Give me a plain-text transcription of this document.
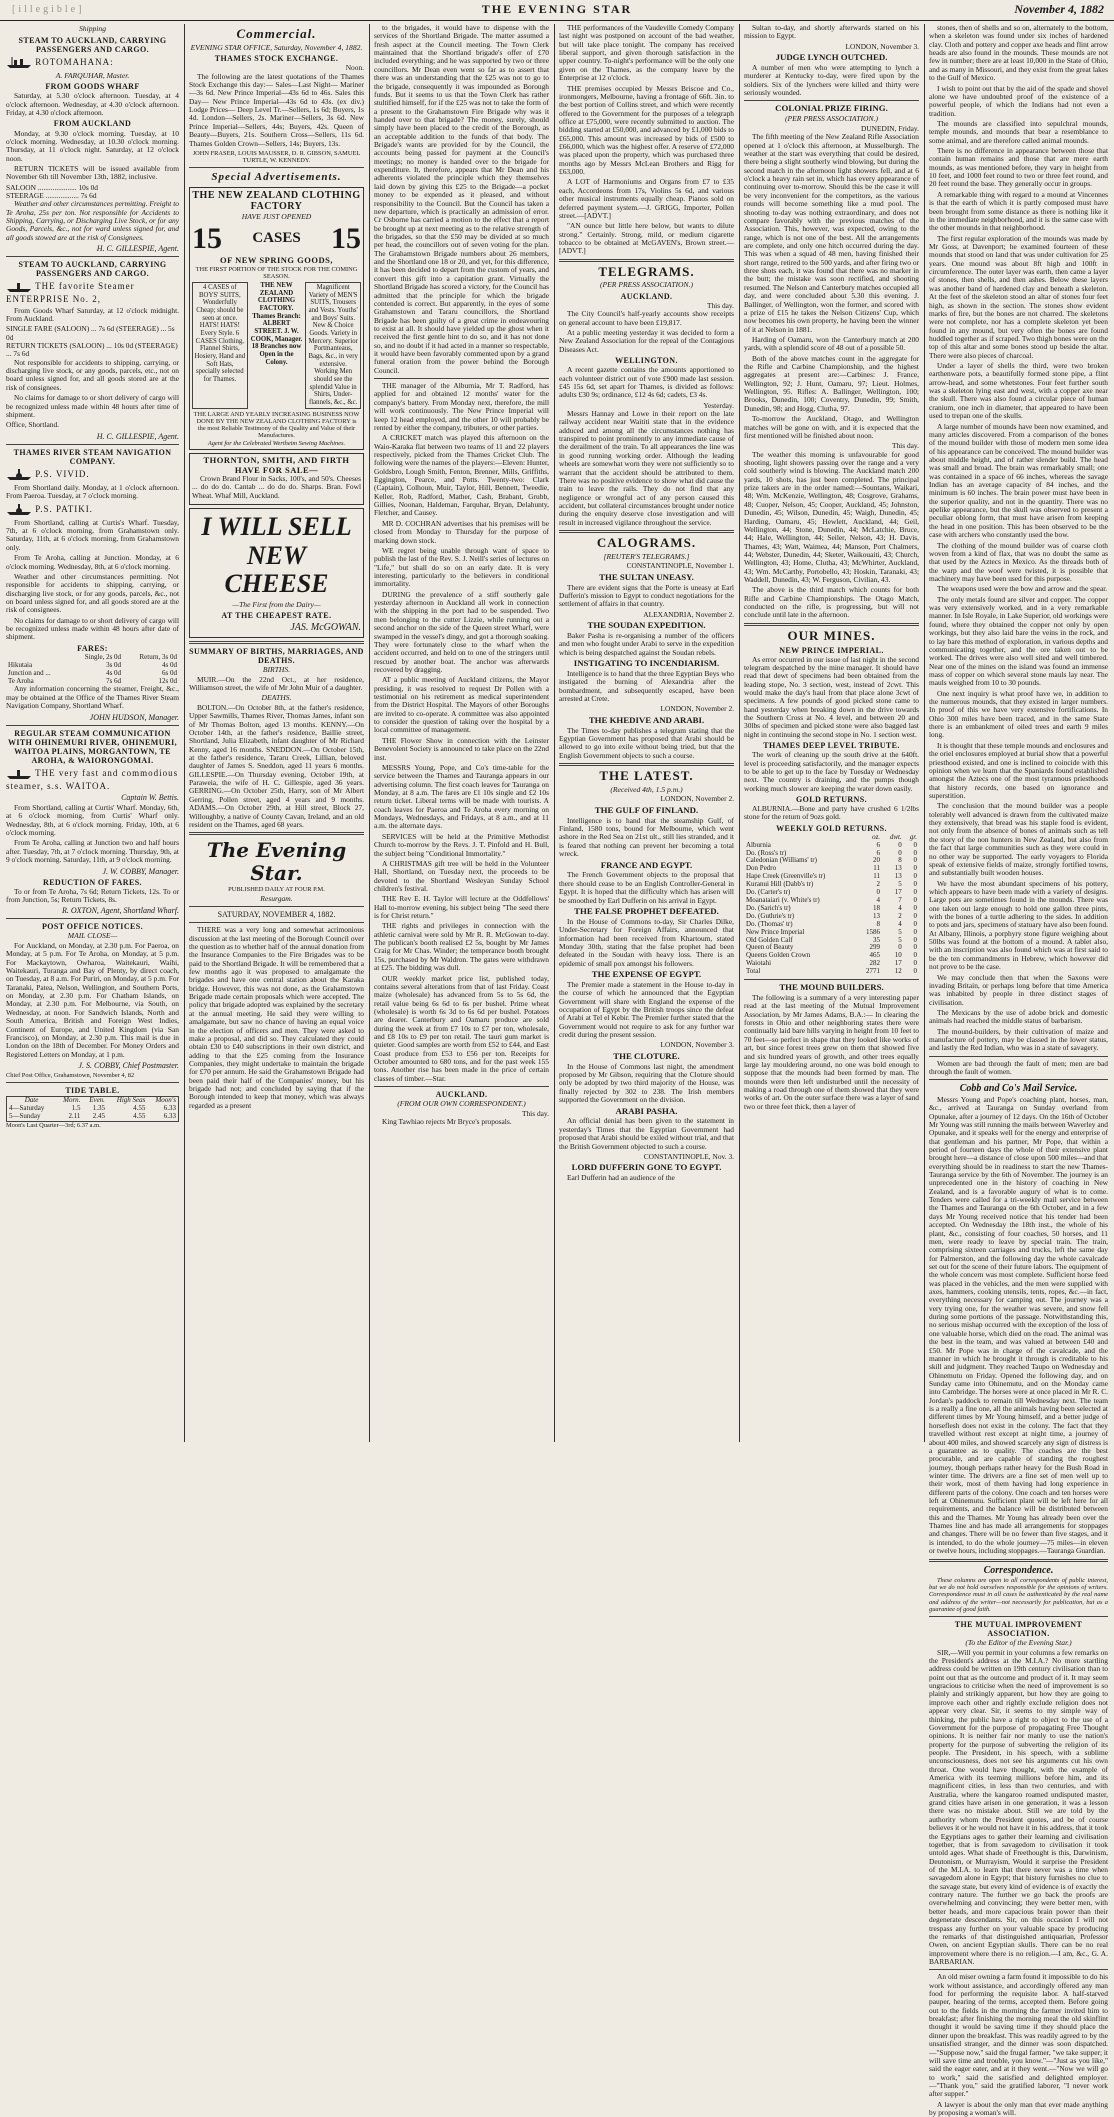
[illegible]	THE EVENING STAR	November 4, 1882
Shipping
STEAM TO AUCKLAND, CARRYING PASSENGERS AND CARGO.
ROTOMAHANA:
A. FARQUHAR, Master.
FROM GOODS WHARF

Saturday, at 5.30 o'clock afternoon. Tuesday, at 4 o'clock afternoon. Wednesday, at 4.30 o'clock afternoon. Friday, at 4.30 o'clock afternoon.

FROM AUCKLAND

Monday, at 9.30 o'clock morning. Tuesday, at 10 o'clock morning. Wednesday, at 10.30 o'clock morning. Thursday, at 11 o'clock night. Saturday, at 12 o'clock noon.

RETURN TICKETS will be issued available from November 6th till November 13th, 1882, inclusive.

SALOON ..................... 10s 0d
STEERAGE .................. 7s 6d

Weather and other circumstances permitting. Freight to Te Aroha, 25s per ton. Not responsible for Accidents to Shipping, Carrying, or Discharging Live Stock, or for any Goods, Parcels, &c., not for ward unless signed for, and all goods stowed are at the risk of Consignees.

H. C. GILLESPIE, Agent.
STEAM TO AUCKLAND, CARRYING PASSENGERS AND CARGO.
THE favorite Steamer ENTERPRISE No. 2,

From Goods Wharf Saturday, at 12 o'clock midnight. From Auckland.

SINGLE FARE (SALOON) ... 7s 6d (STEERAGE) ... 5s 0d
RETURN TICKETS (SALOON) ... 10s 0d (STEERAGE) ... 7s 6d

Not responsible for accidents to shipping, carrying, or discharging live stock, or any goods, parcels, etc., not on board unless signed for, and all goods stored are at the risk of consignees.

No claims for damage to or short delivery of cargo will be recognized unless made within 48 hours after time of shipment.

Office, Shortland.
H. C. GILLESPIE, Agent.
THAMES RIVER STEAM NAVIGATION COMPANY.
P.S. VIVID.

From Shortland daily. Monday, at 1 o'clock afternoon. From Paeroa. Tuesday, at 7 o'clock morning.

P.S. PATIKI.

From Shortland, calling at Curtis's Wharf. Tuesday, 7th, at 6 o'clock morning, from Grahamstown only. Saturday, 11th, at 6 o'clock morning, from Grahamstown only.

From Te Aroha, calling at Junction. Monday, at 6 o'clock morning. Wednesday, 8th, at 6 o'clock morning.

Weather and other circumstances permitting. Not responsible for accidents to shipping, carrying, or discharging live stock, or for any goods, parcels, &c., not on board unless signed for, and all goods stored are at the risk of consignees.

No claims for damage to or short delivery of cargo will be recognized unless made within 48 hours after date of shipment.

FARES:
	Single, 2s 0d	Return, 3s 0d
Hikutaia	3s 0d	4s 0d
Junction and ...	4s 0d	6s 0d
Te Aroha	7s 6d	12s 0d

Any information concerning the steamer, Freight, &c., may be obtained at the Office of the Thames River Steam Navigation Company, Shortland Wharf.

JOHN HUDSON, Manager.
REGULAR STEAM COMMUNICATION WITH OHINEMURI RIVER, OHINEMURI, WAITOA PLAINS, MORGANTOWN, TE AROHA, & WAIORONGOMAI.
THE very fast and commodious steamer, s.s. WAITOA.
Captain W. Bettis.

From Shortland, calling at Curtis' Wharf. Monday, 6th, at 6 o'clock morning, from Curtis' Wharf only. Wednesday, 8th, at 6 o'clock morning. Friday, 10th, at 6 o'clock morning.

From Te Aroha, calling at Junction two and half hours after. Tuesday, 7th, at 7 o'clock morning. Thursday, 9th, at 9 o'clock morning. Saturday, 11th, at 9 o'clock morning.

J. W. COBBY, Manager.
REDUCTION OF FARES.

To or from Te Aroha, 7s 6d; Return Tickets, 12s. To or from Junction, 5s; Return Tickets, 8s.

R. OXTON, Agent, Shortland Wharf.
POST OFFICE NOTICES.
MAIL CLOSE—

For Auckland, on Monday, at 2.30 p.m. For Paeroa, on Monday, at 5 p.m. For Te Aroha, on Monday, at 5 p.m. For Mackaytown, Owharoa, Waitekauri, Waihi, Waitekauri, Turanga and Bay of Plenty, by direct coach, on Tuesday, at 8 a.m. For Puriri, on Monday, at 5 p.m. For Taranaki, Patea, Nelson, Wellington, and Southern Ports, on Monday, at 2.30 p.m. For Chatham Islands, on Monday, at 2.30 p.m. For Melbourne, via South, on Wednesday, at noon. For Sandwich Islands, North and South America, British and Foreign West Indies, Continent of Europe, and United Kingdom (via San Francisco), on Monday, at 2.30 p.m. This mail is due in London on the 18th of December. For Money Orders and Registered Letters on Monday, at 1 p.m.

J. S. COBBY, Chief Postmaster.
Chief Post Office, Grahamstown, November 4, 82
TIDE TABLE.
Date	Morn.	Even.	High Seas	Moon's
4—Saturday	1.5	1.35	4.55	6.33
5—Sunday	2.11	2.45	4.55	6.33
Moon's Last Quarter—3rd; 6.37 a.m.
Commercial.
EVENING STAR OFFICE, Saturday, November 4, 1882.
THAMES STOCK EXCHANGE.
Noon.

The following are the latest quotations of the Thames Stock Exchange this day:— Sales—Last Night— Mariner—3s 6d. New Prince Imperial—43s 6d to 46s. Sales this Day— New Prince Imperial—43s 6d to 43s. (ex div.) Lodge Prices— Deep Level Tr.—Sellers, 1s 6d; Buyers, 1s 4d. London—Sellers, 2s. Mariner—Sellers, 3s 6d. New Prince Imperial—Sellers, 44s; Buyers, 42s. Queen of Beauty—Buyers, 21s. Southern Cross—Sellers, 11s 6d. Thames Golden Crown—Sellers, 14s; Buyers, 13s.

JOHN FRASER, LOUIS MAUSSER, D. R. GIBSON, SAMUEL TURTLE, W. KENNEDY.
Special Advertisements.
THE NEW ZEALAND CLOTHING FACTORY
HAVE JUST OPENED
15 CASES 15
OF NEW SPRING GOODS,
THE FIRST PORTION OF THE STOCK FOR THE COMING SEASON.
4 CASES of BOYS' SUITS, Wonderfully Cheap; should be seen at once. HATS! HATS! Every Style. 6 CASES Clothing, Flannel Shirts, Hosiery, Hand and Soft Hats, specially selected for Thames.
THE NEW ZEALAND CLOTHING FACTORY. Thames Branch: ALBERT STREET. J. W. COOK, Manager. 18 Branches now Open in the Colony.
Magnificent Variety of MEN'S SUITS, Trousers and Vests. Youths' and Boys' Suits. New & Choice Goods. Variety in Mercery. Superior Portmanteaus, Bags, &c., in very extensive. Working Men should see the splendid Value in Shirts, Under-flannels, &c., &c.
THE LARGE AND YEARLY INCREASING BUSINESS NOW DONE BY THE NEW ZEALAND CLOTHING FACTORY is the most Reliable Testimony of the Quality and Value of their Manufactures.
Agent for the Celebrated Wertheim Sewing Machines.
THORNTON, SMITH, AND FIRTH HAVE FOR SALE—

Crown Brand Flour in Sacks, 100's, and 50's. Cheeses ... do do do. Cantab ... do do do. Sharps. Bran. Fowl Wheat. Whaf Mill, Auckland.

I WILL SELL NEW CHEESE
—The First from the Dairy—
AT THE CHEAPEST RATE.
JAS. McGOWAN.
SUMMARY OF BIRTHS, MARRIAGES, AND DEATHS.
BIRTHS.

MUIR.—On the 22nd Oct., at her residence, Williamson street, the wife of Mr John Muir of a daughter.

DEATHS.

BOLTON.—On October 8th, at the father's residence, Upper Sawmills, Thames River, Thomas James, infant son of Mr Thomas Bolton, aged 13 months. KENNY.—On October 14th, at the father's residence, Baillie street, Shortland, Julia Elizabeth, infant daughter of Mr Richard Kenny, aged 16 months. SNEDDON.—On October 15th, at the father's residence, Tararu Creek, Lillian, beloved daughter of James S. Sneddon, aged 11 years 6 months. GILLESPIE.—On Thursday evening, October 19th, at Paraweia, the wife of H. C. Gillespie, aged 36 years. GERRING.—On October 25th, Harry, son of Mr Albert Gerring, Pollen street, aged 4 years and 9 months. ADAMS.—On October 29th, at Hill street, Block 27, Willoughby, a native of County Cavan, Ireland, and an old resident on the Thames, aged 68 years.

The Evening Star.
PUBLISHED DAILY AT FOUR P.M.
Resurgam.
SATURDAY, NOVEMBER 4, 1882.

THERE was a very long and somewhat acrimonious discussion at the last meeting of the Borough Council over the question as to whether half of the annual donation from the Insurance Companies to the Fire Brigades was to be paid to the Shortland Brigade. It will be remembered that a few months ago it was proposed to amalgamate the brigades and have one central station about the Karaka bridge. However, this was not done, as the Grahamstown Brigade made certain proposals which were accepted. The policy that brigade adopted was explained by the secretary at the annual meeting. He said they were willing to amalgamate, but saw no chance of having an equal voice in the election of officers and men. They were asked to make a proposal, and did so. They calculated they could obtain £30 to £40 subscriptions in their own district, and adding to that the £25 coming from the Insurance Companies, they might undertake to maintain the brigade for £70 per annum. He said the Grahamstown Brigade had been paid their half of the Companies' money, but his brigade had not; and concluded by saying that if the Borough intended to keep that money, which was always regarded as a present

to the brigades, it would have to dispense with the services of the Shortland Brigade. The matter assumed a fresh aspect at the Council meeting. The Town Clerk maintained that the Shortland brigade's offer of £70 included everything; and he was supported by two or three councillors. Mr Dean even went so far as to assert that there was an understanding that the £25 was not to go to the brigade, consequently it was impounded as Borough funds. But it seems to us that the Town Clerk has rather stultified himself, for if the £25 was not to take the form of a present to the Grahamstown Fire Brigade why was it handed over to that brigade? The money, surely, should simply have been placed to the credit of the Borough, as an acceptable addition to the funds of that body. The Brigade's wants are provided for by the Council, the accounts being passed for payment at the Council's meetings; no money is handed over to the brigade for expenditure. It, therefore, appears that Mr Dean and his adherents violated the principle which they themselves laid down by giving this £25 to the Brigade—a pocket money to be expended as it pleased, and without responsibility to the Council. But the Council has taken a new departure, which is practically an admission of error. Cr Osborne has carried a motion to the effect that a report be brought up at next meeting as to the relative strength of the brigades, so that the £50 may be divided at so much per head, the councillors out of seven voting for the plan. The Grahamstown Brigade numbers about 26 members, and the Shortland one 18 or 20, and yet, for this difference, it has been decided to depart from the custom of years, and convert this gift into a capitation grant. Virtually the Shortland Brigade has scored a victory, for the Council has admitted that the principle for which the brigade contended is correct. But apparently, in the eyes of some Grahamstown and Tararu councillors, the Shortland Brigade has been guilty of a great crime in endeavouring to exist at all. It should have yielded up the ghost when it received the first gentle hint to do so, and it has not done so, and no doubt if it had acted in a manner so respectable, it would have been favorably commented upon by a grand funeral oration from the power behind the Borough Council.

THE manager of the Alburnia, Mr T. Radford, has applied for and obtained 12 months' water for the company's battery. From Monday next, therefore, the mill will work continuously. The New Prince Imperial will keep 12 head employed, and the other 10 will probably be rented by either the company, tributers, or other parties.

A CRICKET match was played this afternoon on the Waio-Karaka flat between two teams of 11 and 22 players respectively, picked from the Thames Cricket Club. The following were the names of the players:—Eleven: Hunter, Goldsbro, Lough Smith, Fenton, Brenner, Mills, Griffiths, Eggington, Pearce, and Potts. Twenty-two: Clark (Captain), Colhoun, Muir, Taylor, Hill, Bennett, Tweedie, Keller, Rob, Radford, Mather, Cash, Brabant, Grubb, Gillies, Noonan, Haldeman, Farquhar, Bryan, Delahunty, Fletcher, and Causey.

MR D. COCHRAN advertises that his premises will be closed from Monday to Thursday for the purpose of marking down stock.

WE regret being unable through want of space to publish the last of the Rev. S. J. Neill's series of lectures on "Life," but shall do so on an early date. It is very interesting, particularly to the believers in conditional immortality.

DURING the prevalence of a stiff southerly gale yesterday afternoon in Auckland all work in connection with the shipping in the port had to be suspended. Two men belonging to the cutter Lizzie, while running out a second anchor on the side of the Queen street Wharf, were swamped in the vessel's dingy, and got a thorough soaking. They were fortunately close to the wharf when the accident occurred, and held on to one of the stringers until rescued by another boat. The anchor was afterwards recovered by dragging.

AT a public meeting of Auckland citizens, the Mayor presiding, it was resolved to request Dr Pollen with a testimonial on his retirement as medical superintendent from the District Hospital. The Mayors of other Boroughs are invited to co-operate. A committee was also appointed to consider the question of taking over the hospital by a local committee of management.

THE Flower Show in connection with the Leinster Benevolent Society is announced to take place on the 22nd inst.

MESSRS Young, Pope, and Co's time-table for the service between the Thames and Tauranga appears in our advertising column. The first coach leaves for Tauranga on Monday, at 8 a.m. The fares are £1 10s single and £2 10s return ticket. Liberal terms will be made with tourists. A coach leaves for Paeroa and Te Aroha every morning on Mondays, Wednesdays, and Fridays, at 8 a.m., and at 11 a.m. the alternate days.

SERVICES will be held at the Primitive Methodist Church to-morrow by the Revs. J. T. Pinfold and H. Bull, the subject being "Conditional Immortality."

A CHRISTMAS gift tree will be held in the Volunteer Hall, Shortland, on Tuesday next, the proceeds to be devoted to the Shortland Wesleyan Sunday School children's festival.

THE Rev E. H. Taylor will lecture at the Oddfellows' Hall to-morrow evening, his subject being "The seed there is for Christ return."

THE rights and privileges in connection with the athletic carnival were sold by Mr R. R. McGowan to-day. The publican's booth realised £2 5s, bought by Mr James Craig for Mr Chas. Winder; the temperance booth brought 15s, purchased by Mr Waldron. The gates were withdrawn at £25. The bidding was dull.

OUR weekly market price list, published today, contains several alterations from that of last Friday. Coast maize (wholesale) has advanced from 5s to 5s 6d, the retail value being 6s 6d to 6s per bushel. Prime wheat (wholesale) is worth 6s 3d to 6s 6d per bushel. Potatoes are dearer. Canterbury and Oamaru produce are sold during the week at from £7 10s to £7 per ton, wholesale, and £8 10s to £9 per ton retail. The tauri gum market is quieter. Good samples are worth from £52 to £44, and East Coast produce from £53 to £56 per ton. Receipts for October amounted to 680 tons, and for the past week 155 tons. Another rise has been made in the price of certain classes of timber.—Star.

AUCKLAND.
(FROM OUR OWN CORRESPONDENT.)
This day.

King Tawhiao rejects Mr Bryce's proposals.

THE performances of the Vaudeville Comedy Company last night was postponed on account of the bad weather, but will take place tonight. The company has received liberal support, and given thorough satisfaction in the upper country. To-night's performance will be the only one given on the Thames, as the company leave by the Enterprise at 12 o'clock.

THE premises occupied by Messrs Briscoe and Co., ironmongers, Melbourne, having a frontage of 66ft. 3in. to the best portion of Collins street, and which were recently offered to the Government for the purposes of a telegraph office at £75,000, were recently submitted to auction. The bidding started at £50,000, and advanced by £1,000 bids to £65,000. This amount was increased by bids of £500 to £66,000, which was the highest offer. A reserve of £72,000 was placed upon the property, which was purchased three months ago by Messrs McLean Brothers and Rigg for £63,000.

A LOT of Harmoniums and Organs from £7 to £35 each, Accordeons from 17s, Violins 5s 6d, and various other musical instruments equally cheap. Pianos sold on deferred payment system.—J. GRIGG, Importer, Pollen street.—[ADVT.]

"AN ounce but little here below, but wants to dilute strong." Certainly. Strong, mild, or medium cigarette tobacco to be obtained at McGAVEN's, Brown street.—[ADVT.]

TELEGRAMS.
(PER PRESS ASSOCIATION.)
AUCKLAND.
This day.

The City Council's half-yearly accounts show receipts on general account to have been £19,817.

At a public meeting yesterday it was decided to form a New Zealand Association for the repeal of the Contagious Diseases Act.

WELLINGTON.

A recent gazette contains the amounts apportioned to each volunteer district out of vote £900 made last session. £45 15s 6d, set apart for Thames, is divided as follows: adults £30 9s; ordinance, £12 4s 6d; cadets, £3 4s.

Yesterday.

Messrs Hannay and Lowe in their report on the late railway accident near Waititi state that in the evidence adduced and among all the circumstances nothing has transpired to point prominently to any immediate cause of the derailment of the train. To all appearances the line was in good running working order. Although the leading wheels are somewhat worn they were not sufficiently so to warrant that the accident should be attributed to them. There was no positive evidence to show what did cause the train to leave the rails. They do not find that any negligence or wrongful act of any person caused this accident, but collateral circumstances brought under notice during the enquiry deserve close investigation and will result in increased vigilance throughout the service.

CALOGRAMS.
[REUTER'S TELEGRAMS.]
CONSTANTINOPLE, November 1.
THE SULTAN UNEASY.

There are evident signs that the Porte is uneasy at Earl Dufferin's mission to Egypt to conduct negotiations for the settlement of affairs in that country.

ALEXANDRIA, November 2.
THE SOUDAN EXPEDITION.

Baker Pasha is re-organising a number of the officers and men who fought under Arabi to serve in the expedition which is being despatched against the Soudan rebels.

INSTIGATING TO INCENDIARISM.

Intelligence is to hand that the three Egyptian Beys who instigated the burning of Alexandria after the bombardment, and subsequently escaped, have been arrested at Crete.

LONDON, November 2.
THE KHEDIVE AND ARABI.

The Times to-day publishes a telegram stating that the Egyptian Government has proposed that Arabi should be allowed to go into exile without being tried, but that the English Government objects to such a course.

THE LATEST.
(Received 4th, 1.5 p.m.)
LONDON, November 2.
THE GULF OF FINLAND.

Intelligence is to hand that the steamship Gulf, of Finland, 1580 tons, bound for Melbourne, which went ashore in the Red Sea on 21st ult., still lies stranded, and it is feared that nothing can prevent her becoming a total wreck.

FRANCE AND EGYPT.

The French Government objects to the proposal that there should cease to be an English Controller-General in Egypt. It is hoped that the difficulty which has arisen will be smoothed by Earl Dufferin on his arrival in Egypt.

THE FALSE PROPHET DEFEATED.

In the House of Commons to-day, Sir Charles Dilke, Under-Secretary for Foreign Affairs, announced that information had been received from Khartoum, stated Monday 30th, stating that the false prophet had been defeated in the Soudan with heavy loss. There is an epidemic of small pox amongst his followers.

THE EXPENSE OF EGYPT.

The Premier made a statement in the House to-day in the course of which he announced that the Egyptian Government will share with England the expense of the occupation of Egypt by the British troops since the defeat of Arabi at Tel el Kebir. The Premier further stated that the Government would not require to ask for any further war credit during the present session.

LONDON, November 3.
THE CLOTURE.

In the House of Commons last night, the amendment proposed by Mr Gibson, requiring that the Cloture should only be adopted by two third majority of the House, was finally rejected by 302 to 238. The Irish members supported the Government on the division.

ARABI PASHA.

An official denial has been given to the statement in yesterday's Times that the Egyptian Government had proposed that Arabi should be exiled without trial, and that the British Government objected to such a course.

CONSTANTINOPLE, Nov. 3.
LORD DUFFERIN GONE TO EGYPT.

Earl Dufferin had an audience of the

Sultan to-day, and shortly afterwards started on his mission to Egypt.

LONDON, November 3.
JUDGE LYNCH OUTCHED.

A number of men who were attempting to lynch a murderer at Kentucky to-day, were fired upon by the soldiers. Six of the lynchers were killed and thirty were seriously wounded.

COLONIAL PRIZE FIRING.
(PER PRESS ASSOCIATION.)
DUNEDIN, Friday.

The fifth meeting of the New Zealand Rifle Association opened at 1 o'clock this afternoon, at Musselburgh. The weather at the start was everything that could be desired, there being a slight southerly wind blowing, but during the second match in the afternoon light showers fell, and at 6 o'clock a heavy rain set in, which has every appearance of continuing over to-morrow. Should this be the case it will be very inconvenient for the competitors, as the various rounds will become something like a mud pool. The shooting to-day was nothing extraordinary, and does not compare favorably with the previous matches of the Association. This, however, was expected, owing to the range, which is not one of the best. All the arrangements are complete, and only one hitch occurred during the day. This was when a squad of 48 men, having finished their short range, retired to the 500 yards, and after firing two or three shots each, it was found that there was no marker in the butt; the mistake was soon rectified, and shooting resumed. The Nelson and Canterbury matches occupied all day, and were concluded about 5.30 this evening. J. Ballinger, of Wellington, won the former, and scored with a prize of £15 he takes the Nelson Citizens' Cup, which now becomes his own property, he having been the winner of it at Nelson in 1881.

Harding of Oamaru, won the Canterbury match at 200 yards, with a splendid score of 48 out of a possible 50.

Both of the above matches count in the aggregate for the Rifle and Carbine Championship, and the highest aggregates at present are:—Carbines: J. France, Wellington, 92; J. Hunt, Oamaru, 97; Lieut. Holmes, Wellington, 95. Rifles: A. Ballinger, Wellington, 100; Brooks, Dunedin, 100; Coventry, Dunedin, 99; Smith, Dunedin, 98; and Hogg, Clutha, 97.

To-morrow the Auckland, Otago, and Wellington matches will be gone on with, and it is expected that the first mentioned will be finished about noon.

This day.

The weather this morning is unfavourable for good shooting, light showers passing over the range and a very cold southerly wind is blowing. The Auckland match 200 yards, 10 shots, has just been completed. The principal prize takers are in the order named:—Sountans, Waikari, 48; Wm. McKenzie, Wellington, 48; Cosgrove, Grahams, 48; Cuoper, Nelson, 45; Cooper, Auckland, 45; Johnston, Dunedin, 45; Wilson, Dunedin, 45; Waigh, Dunedin, 45; Harding, Oamaru, 45; Hewlett, Auckland, 44; Geil, Wellington, 44; Stone, Dunedin, 44; McLatchie, Bruce, 44; Hale, Wellington, 44; Seiler, Nelson, 43; H. Davis, Thames, 43; Watt, Waimea, 44; Manson, Port Chalmers, 44; Webster, Dunedin, 44; Sketer, Waikouaiti, 43; Church, Wellington, 43; Home, Clutha, 43; McWhirter, Auckland, 43; Wm. McCarthy, Portobello, 43; Hoskin, Taranaki, 43; Waddell, Dunedin, 43; W. Ferguson, Civilian, 43.

The above is the third match which counts for both Rifle and Carbine Championships. The Otago Match, conducted on the rifle, is progressing, but will not conclude until late in the afternoon.

OUR MINES.
NEW PRINCE IMPERIAL.

As error occurred in our issue of last night in the second telegram despatched by the mine manager. It should have read that dewt of specimens had been obtained from the leading stope, No. 3 section, west, instead of 2cwt. This would make the day's haul from that place alone 3cwt of specimens. A few pounds of good picked stone came to hand yesterday when breaking down in the drive towards the Southern Cross at No. 4 level, and between 20 and 30lbs of specimen and picked stone were also bagged last night in continuing the second stope in No. 1 section west.

THAMES DEEP LEVEL TRIBUTE.

The work of cleaning up the south drive at the 640ft. level is proceeding satisfactorily, and the manager expects to be able to get up to the face by Tuesday or Wednesday next. The country is draining, and the pumps though working much slower are keeping the water down easily.

GOLD RETURNS.

ALBURNIA.—Bone and party have crushed 6 1/2lbs stone for the return of 9ozs gold.

WEEKLY GOLD RETURNS.
	oz.	dwt.	gr.
Alburnia	6	0	0
Do. (Ross's tr)	6	0	0
Caledonian (Williams' tr)	20	8	0
Don Pedro	11	13	0
Hape Creek (Greenville's tr)	11	13	0
Kuranui Hill (Dabb's tr)	2	5	0
Do. (Carter's tr)	0	17	0
Moanataiari (v. White's tr)	4	7	0
Do. (Sarich's tr)	18	4	0
Do. (Guthrie's tr)	13	2	0
Do. (Thomas' tr)	8	4	0
New Prince Imperial	1586	5	0
Old Golden Calf	35	5	0
Queen of Beauty	299	0	0
Queens Golden Crown	465	10	0
Waiotahi	282	17	0
Total	2771	12	0
THE MOUND BUILDERS.

The following is a summary of a very interesting paper read at the last meeting of the Mutual Improvement Association, by Mr James Adams, B.A.:— In clearing the forests in Ohio and other neighboring states there were continually laid bare hills varying in height from 10 feet to 70 feet—so perfect in shape that they looked like works of art, but since forest trees grew on them that showed five and six hundred years of growth, and other trees equally large lay mouldering around, no one was bold enough to suppose that the mounds had been formed by man. The mounds were then left undisturbed until the necessity of making a road through one of them showed that they were works of art. On the outer surface there was a layer of sand two or three feet thick, then a layer of

stones, then of shells and so on, alternately to the bottom, when a skeleton was found under six inches of hardened clay. Cloth and pottery and copper axe heads and flint arrow heads are also found in the mounds. These mounds are not few in number; there are at least 10,000 in the State of Ohio, and as many in Missouri, and they exist from the great lakes to the Gulf of Mexico.

I wish to point out that by the aid of the spade and shovel alone we have undoubted proof of the existence of a powerful people, of which the Indians had not even a tradition.

The mounds are classified into sepulchral mounds, temple mounds, and mounds that bear a resemblance to some animal, and are therefore called animal mounds.

There is no difference in appearance between those that contain human remains and those that are mere earth mounds, as was mentioned before, they vary in height from 10 feet, and 1000 feet round to two or three feet round, and 20 feet round the base. They generally occur in groups.

A remarkable thing with regard to a mound at Vincennes is that the earth of which it is partly composed must have been brought from some distance as there is nothing like it in the immediate neighborhood, and it is the same case with the other mounds in that neighborhood.

The first regular exploration of the mounds was made by Mr Goss, at Davenport; he examined fourteen of these mounds that stood on land that was under cultivation for 25 years. One mound was about 8ft high and 100ft in circumference. The outer layer was earth, then came a layer of stones, then shells, and then ashes. Below these layers was another band of hardened clay and beneath a skeleton. At the feet of the skeleton stood an altar of stones four feet high, as shown in the section. The stones show evident marks of fire, but the bones are not charred. The skeletons were not complete, nor has a complete skeleton yet been found in any mound, but very often the bones are found huddled together as if scraped. Two thigh bones were on the top of this altar and some bones stood up beside the altar. There were also pieces of charcoal.

Under a layer of shells the third, were two broken earthenware pots, a beautifully formed stone pipe, a flint arrow-head, and some whetstones. Four feet further south was a skeleton lying east and west, with a copper axe near the skull. There was also found a circular piece of human cranium, one inch in diameter, that appeared to have been used to trepan one of the skulls.

A large number of mounds have been now examined, and many articles discovered. From a comparison of the bones of the mound builder with those of modern men some idea of his appearance can be conceived. The mound builder was about middle height, and of rather slender build. The head was small and broad. The brain was remarkably small; one was contained in a space of 66 inches, whereas the savage Indian has an average capacity of 84 inches, and the minimum is 60 inches. The brain power must have been in the superior quality, and not in the quantity. There was no apelike appearance, but the skull was observed to present a peculiar oblong form, that must have arisen from keeping the head in one position. This has been observed to be the case with archers who constantly used the bow.

The clothing of the mound builder was of coarse cloth woven from a kind of flax, that was no doubt the same as that used by the Aztecs in Mexico. As the threads both of the warp and the woof were twisted, it is possible that machinery may have been used for this purpose.

The weapons used were the bow and arrow and the spear.

The only metals found are silver and copper. The copper was very extensively worked, and in a very remarkable manner. In Isle Royale, in Lake Superior, old workings were found, where they obtained the copper not only by open workings, but they also laid bare the veins in the rock, and to lay bare this method of exploration, in various depths and communicating together, and the ore taken out to be worked. The drives were also well sited and well timbered. Near one of the mines on the island was found an immense mass of copper on which several stone mauls lay near. The mauls weighed from 10 to 30 pounds.

One next inquiry is what proof have we, in addition to the numerous mounds, that they existed in larger numbers. In proof of this we have very extensive fortifications. In Ohio 300 miles have been traced, and in the same State there is an embankment of oiled trees and earth 9 miles long.

It is thought that these temple mounds and enclosures and the oriel enclosures employed at burial show that a powerful priesthood existed, and one is inclined to coincide with this opinion when we learn that the Spaniards found established amongst the Aztecs one of the most tyrannous priesthoods that history records, one based on ignorance and superstition.

The conclusion that the mound builder was a people tolerably well advanced is drawn from the cultivated maize they extensively, that bread was his staple food is evident, not only from the absence of bones of animals such as tell the story of the non hunters in New Zealand, but also from the fact that large communities such as they were could in no other way be supported. The early voyagers to Florida speak of extensive fields of maize, strongly fortified towns, and substantially built wooden houses.

We have the most abundant specimens of his pottery, which appears to have been made with a variety of designs. Large pots are sometimes found in the mounds. There was one taken out large enough to hold one gallon three pints, with the bones of a turtle adhering to the sides. In addition to pots and jars, specimens of statuary have also been found. At Albany, Illinois, a porphyry stone figure weighing about 50lbs was found at the bottom of a mound. A tablet also, with an inscription was also found which was at first said to be the ten commandments in Hebrew, which however did not prove to be the case.

We may conclude then that when the Saxons were invading Britain, or perhaps long before that time America was inhabited by people in three distinct stages of civilisation.

The Mexicans by the use of adobe brick and domestic animals had reached the middle status of barbarism.

The mound-builders, by their cultivation of maize and manufacture of pottery, may be classed in the lower status, and lastly the Red Indian, who was in a state of savagery.

Women are bad through the fault of men; men are bad through the fault of women.

Cobb and Co's Mail Service.

Messrs Young and Pope's coaching plant, horses, man, &c., arrived at Tauranga on Sunday overland from Opunake, after a journey of 12 days. On the 16th of October Mr Young was still running the mails between Waverley and Opunake, and it speaks well for the energy and enterprise of that gentleman and his partner, Mr Pope, that within a period of fourteen days the whole of their extensive plant brought here—a distance of close upon 500 miles—and that everything should be in readiness to start the new Thames-Tauranga service by the 6th of November. The journey is an unprecedented one in the history of coaching in New Zealand, and is a favorable augury of what is to come. Tenders were called for a tri-weekly mail service between the Thames and Tauranga on the 6th October, and in a few days Mr Young received notice that his tender had been accepted. On Wednesday the 18th inst., the whole of his plant, &c., consisting of four coaches, 50 horses, and 11 men, were ready to leave by special train. The train, comprising sixteen carriages and trucks, left the same day for Palmerston, and the following day the whole cavalcade set out for the scene of their future labors. The equipment of the whole concern was most complete. Sufficient horse feed was placed in the vehicles, and the men were supplied with axes, hammers, cooking utensils, tents, ropes, &c.—in fact, everything necessary for camping out. The journey was a very trying one, for the weather was severe, and snow fell during some portions of the passage. Notwithstanding this, no serious mishap occurred with the exception of the loss of one valuable horse, which died on the road. The animal was the best in the team, and was valued at between £40 and £50. Mr Pope was in charge of the cavalcade, and the manner in which he brought it through is creditable to his skill and judgment. They reached Taupo on Wednesday and Ohinemutu on Friday. Opened the following day, and on Sunday came into Ohinemutu, and on the Monday came into Cambridge. The horses were at once placed in Mr R. C. Jordan's paddock to remain till Wednesday next. The team is a really a fine one, all the animals having been selected at different times by Mr Young himself, and a better judge of horseflesh does not exist in the colony. The fact that they travelled without rest except at night time, a journey of about 400 miles, and showed scarcely any sign of distress is a guarantee as to quality. The coaches are the best procurable, and are capable of standing the roughest journey, though perhaps rather heavy for the Bush Road in winter time. The drivers are a fine set of men well up to their work, most of them having had long experience in different parts of the colony. One coach and ten horses were left at Ohinemutu. Sufficient plant will be left here for all requirements, and the balance will be distributed between this and the Thames. Mr Young has already been over the Thames line and has made all arrangements for stoppages and changes. There will be no fewer than five stages, and it is intended, to do the whole journey—75 miles—in eleven or twelve hours, including stoppages.—Tauranga Guardian.

Correspondence.

These columns are open to all correspondents of public interest, but we do not hold ourselves responsible for the opinions of writers. Correspondence must in all cases be authenticated by the real name and address of the writer—not necessarily for publication, but as a guarantee of good faith.

THE MUTUAL IMPROVEMENT ASSOCIATION.
(To the Editor of the Evening Star.)

SIR,—Will you permit in your columns a few remarks on the President's address at the M.I.A.? No more startling address could be written on 19th century civilisation than to point out that as the outcome and product of it. It may seem ungracious to criticise when the need of improvement is so plainly and strikingly apparent, but how they are going to improve each other and rightly exclude religion does not appear very clear. Sir, it seems to my simple way of thinking, the public have a right to object to the use of a Government for the purpose of propagating Free Thought opinions. It is neither fair nor manly to use the nation's property for the purpose of subverting the religion of its people. The President, in his speech, with a sublime unconsciousness, does not see his arguments cut his own throat. One would have thought, with the example of America with its teeming millions before him, and its magnificent cities, in less than two centuries, and with Australia, where the kangaroo roamed undisputed master, grand cities have arisen in one generation, it was a lesson there was no mistake about. Still we are told by the authority whom the President quotes, and be of course believes it or he would not have it in his address, that it took the Egyptians ages to gather their learning and civilisation together, that is from savagedom to civilisation it took untold ages. What shade of Freethought is this, Darwinism, Deutonism, or Murrayism, Would it surprise the President of the M.I.A. to learn that there never was a time when savagedom alone in Egypt; that history furnishes no clue to the savage state, but every kind of evidence is of exactly the contrary nature. The further we go back the proofs are overwhelming and convincing; they were better men, with better heads, and more capacious brain power than their degenerate descendants. Sir, on this occasion I will not trespass any further on your valuable space by producing the remarks of that distinguished antiquarian, Professor Owen, on ancient Egyptian skulls. There can be no real improvement where there is no religion.—I am, &c., G. A. BARBARIAN.

An old miser owning a farm found it impossible to do his work without assistance, and accordingly offered any man food for performing the requisite labor. A half-starved pauper, hearing of the terms, accepted them. Before going out to the fields in the morning the farmer invited him to breakfast; after finishing the morning meal the old skinflint thought it would be saving time if they should place the dinner upon the breakfast. This was readily agreed to by the unsatisfied stranger, and the dinner was soon dispatched.—"Suppose now," said the frugal farmer, "we take supper; it will save time and trouble, you know."—"Just as you like," said the eager eater, and at it they went.—"Now we will go to work," said the satisfied and delighted employer.—"Thank you," said the gratified laborer, "I never work after supper."

A lawyer is about the only man that ever made anything by proposing a woman's will.
